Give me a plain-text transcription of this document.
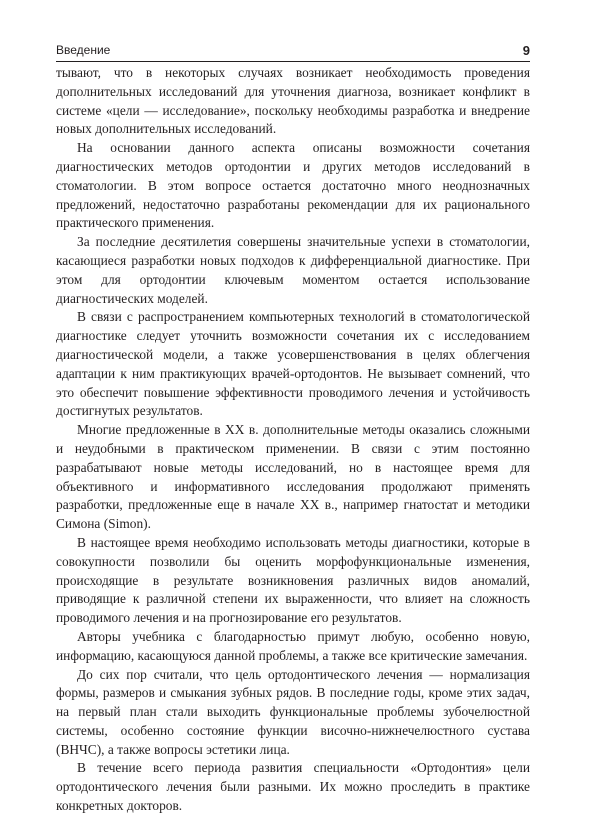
Введение	9

тывают, что в некоторых случаях возникает необходимость проведения дополнительных исследований для уточнения диагноза, возникает конфликт в системе «цели — исследование», поскольку необходимы разработка и внедрение новых дополнительных исследований.

На основании данного аспекта описаны возможности сочетания диагностических методов ортодонтии и других методов исследований в стоматологии. В этом вопросе остается достаточно много неоднозначных предложений, недостаточно разработаны рекомендации для их рационального практического применения.

За последние десятилетия совершены значительные успехи в стоматологии, касающиеся разработки новых подходов к дифференциальной диагностике. При этом для ортодонтии ключевым моментом остается использование диагностических моделей.

В связи с распространением компьютерных технологий в стоматологической диагностике следует уточнить возможности сочетания их с исследованием диагностической модели, а также усовершенствования в целях облегчения адаптации к ним практикующих врачей-ортодонтов. Не вызывает сомнений, что это обеспечит повышение эффективности проводимого лечения и устойчивость достигнутых результатов.

Многие предложенные в XX в. дополнительные методы оказались сложными и неудобными в практическом применении. В связи с этим постоянно разрабатывают новые методы исследований, но в настоящее время для объективного и информативного исследования продолжают применять разработки, предложенные еще в начале XX в., например гнатостат и методики Симона (Simon).

В настоящее время необходимо использовать методы диагностики, которые в совокупности позволили бы оценить морфофункциональные изменения, происходящие в результате возникновения различных видов аномалий, приводящие к различной степени их выраженности, что влияет на сложность проводимого лечения и на прогнозирование его результатов.

Авторы учебника с благодарностью примут любую, особенно новую, информацию, касающуюся данной проблемы, а также все критические замечания.

До сих пор считали, что цель ортодонтического лечения — нормализация формы, размеров и смыкания зубных рядов. В последние годы, кроме этих задач, на первый план стали выходить функциональные проблемы зубочелюстной системы, особенно состояние функции височно-нижнечелюстного сустава (ВНЧС), а также вопросы эстетики лица.

В течение всего периода развития специальности «Ортодонтия» цели ортодонтического лечения были разными. Их можно проследить в практике конкретных докторов.
